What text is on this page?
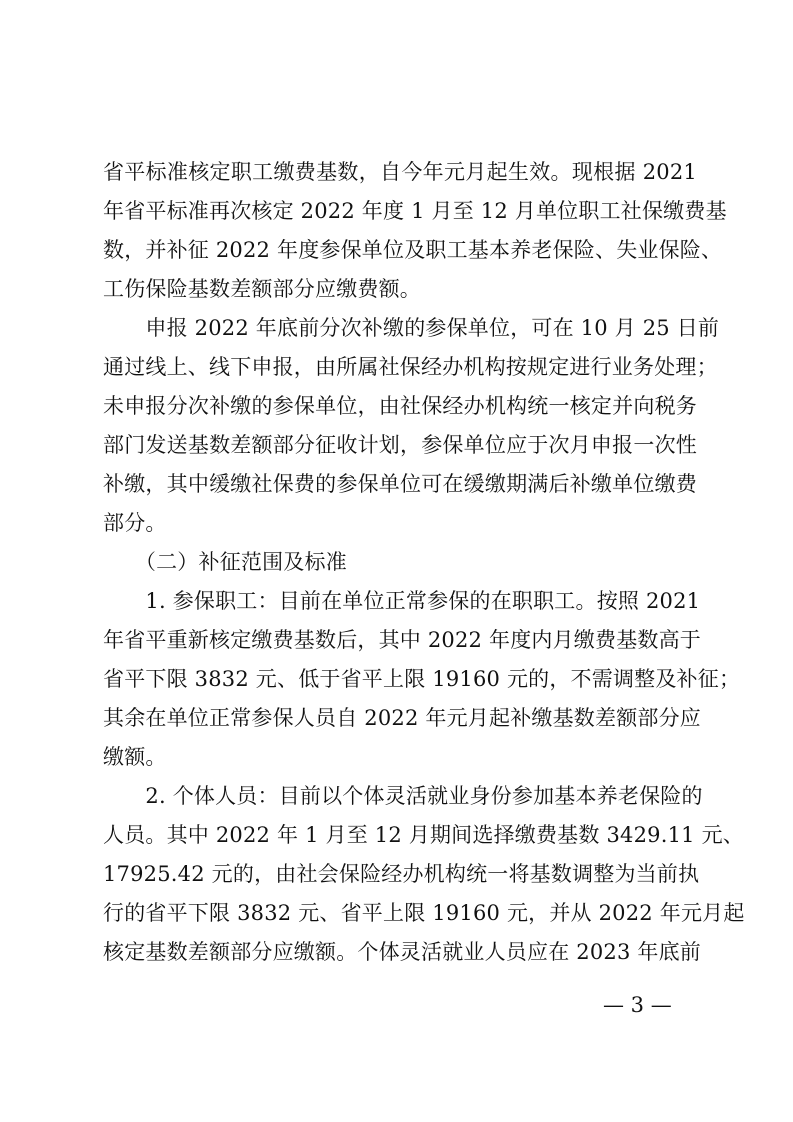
省平标准核定职工缴费基数，自今年元月起生效。现根据 2021
年省平标准再次核定 2022 年度 1 月至 12 月单位职工社保缴费基
数，并补征 2022 年度参保单位及职工基本养老保险、失业保险、
工伤保险基数差额部分应缴费额。
　　申报 2022 年底前分次补缴的参保单位，可在 10 月 25 日前
通过线上、线下申报，由所属社保经办机构按规定进行业务处理；
未申报分次补缴的参保单位，由社保经办机构统一核定并向税务
部门发送基数差额部分征收计划，参保单位应于次月申报一次性
补缴，其中缓缴社保费的参保单位可在缓缴期满后补缴单位缴费
部分。
　　（二）补征范围及标准
　　1. 参保职工：目前在单位正常参保的在职职工。按照 2021
年省平重新核定缴费基数后，其中 2022 年度内月缴费基数高于
省平下限 3832 元、低于省平上限 19160 元的，不需调整及补征；
其余在单位正常参保人员自 2022 年元月起补缴基数差额部分应
缴额。
　　2. 个体人员：目前以个体灵活就业身份参加基本养老保险的
人员。其中 2022 年 1 月至 12 月期间选择缴费基数 3429.11 元、
17925.42 元的，由社会保险经办机构统一将基数调整为当前执
行的省平下限 3832 元、省平上限 19160 元，并从 2022 年元月起
核定基数差额部分应缴额。个体灵活就业人员应在 2023 年底前
— 3 —
